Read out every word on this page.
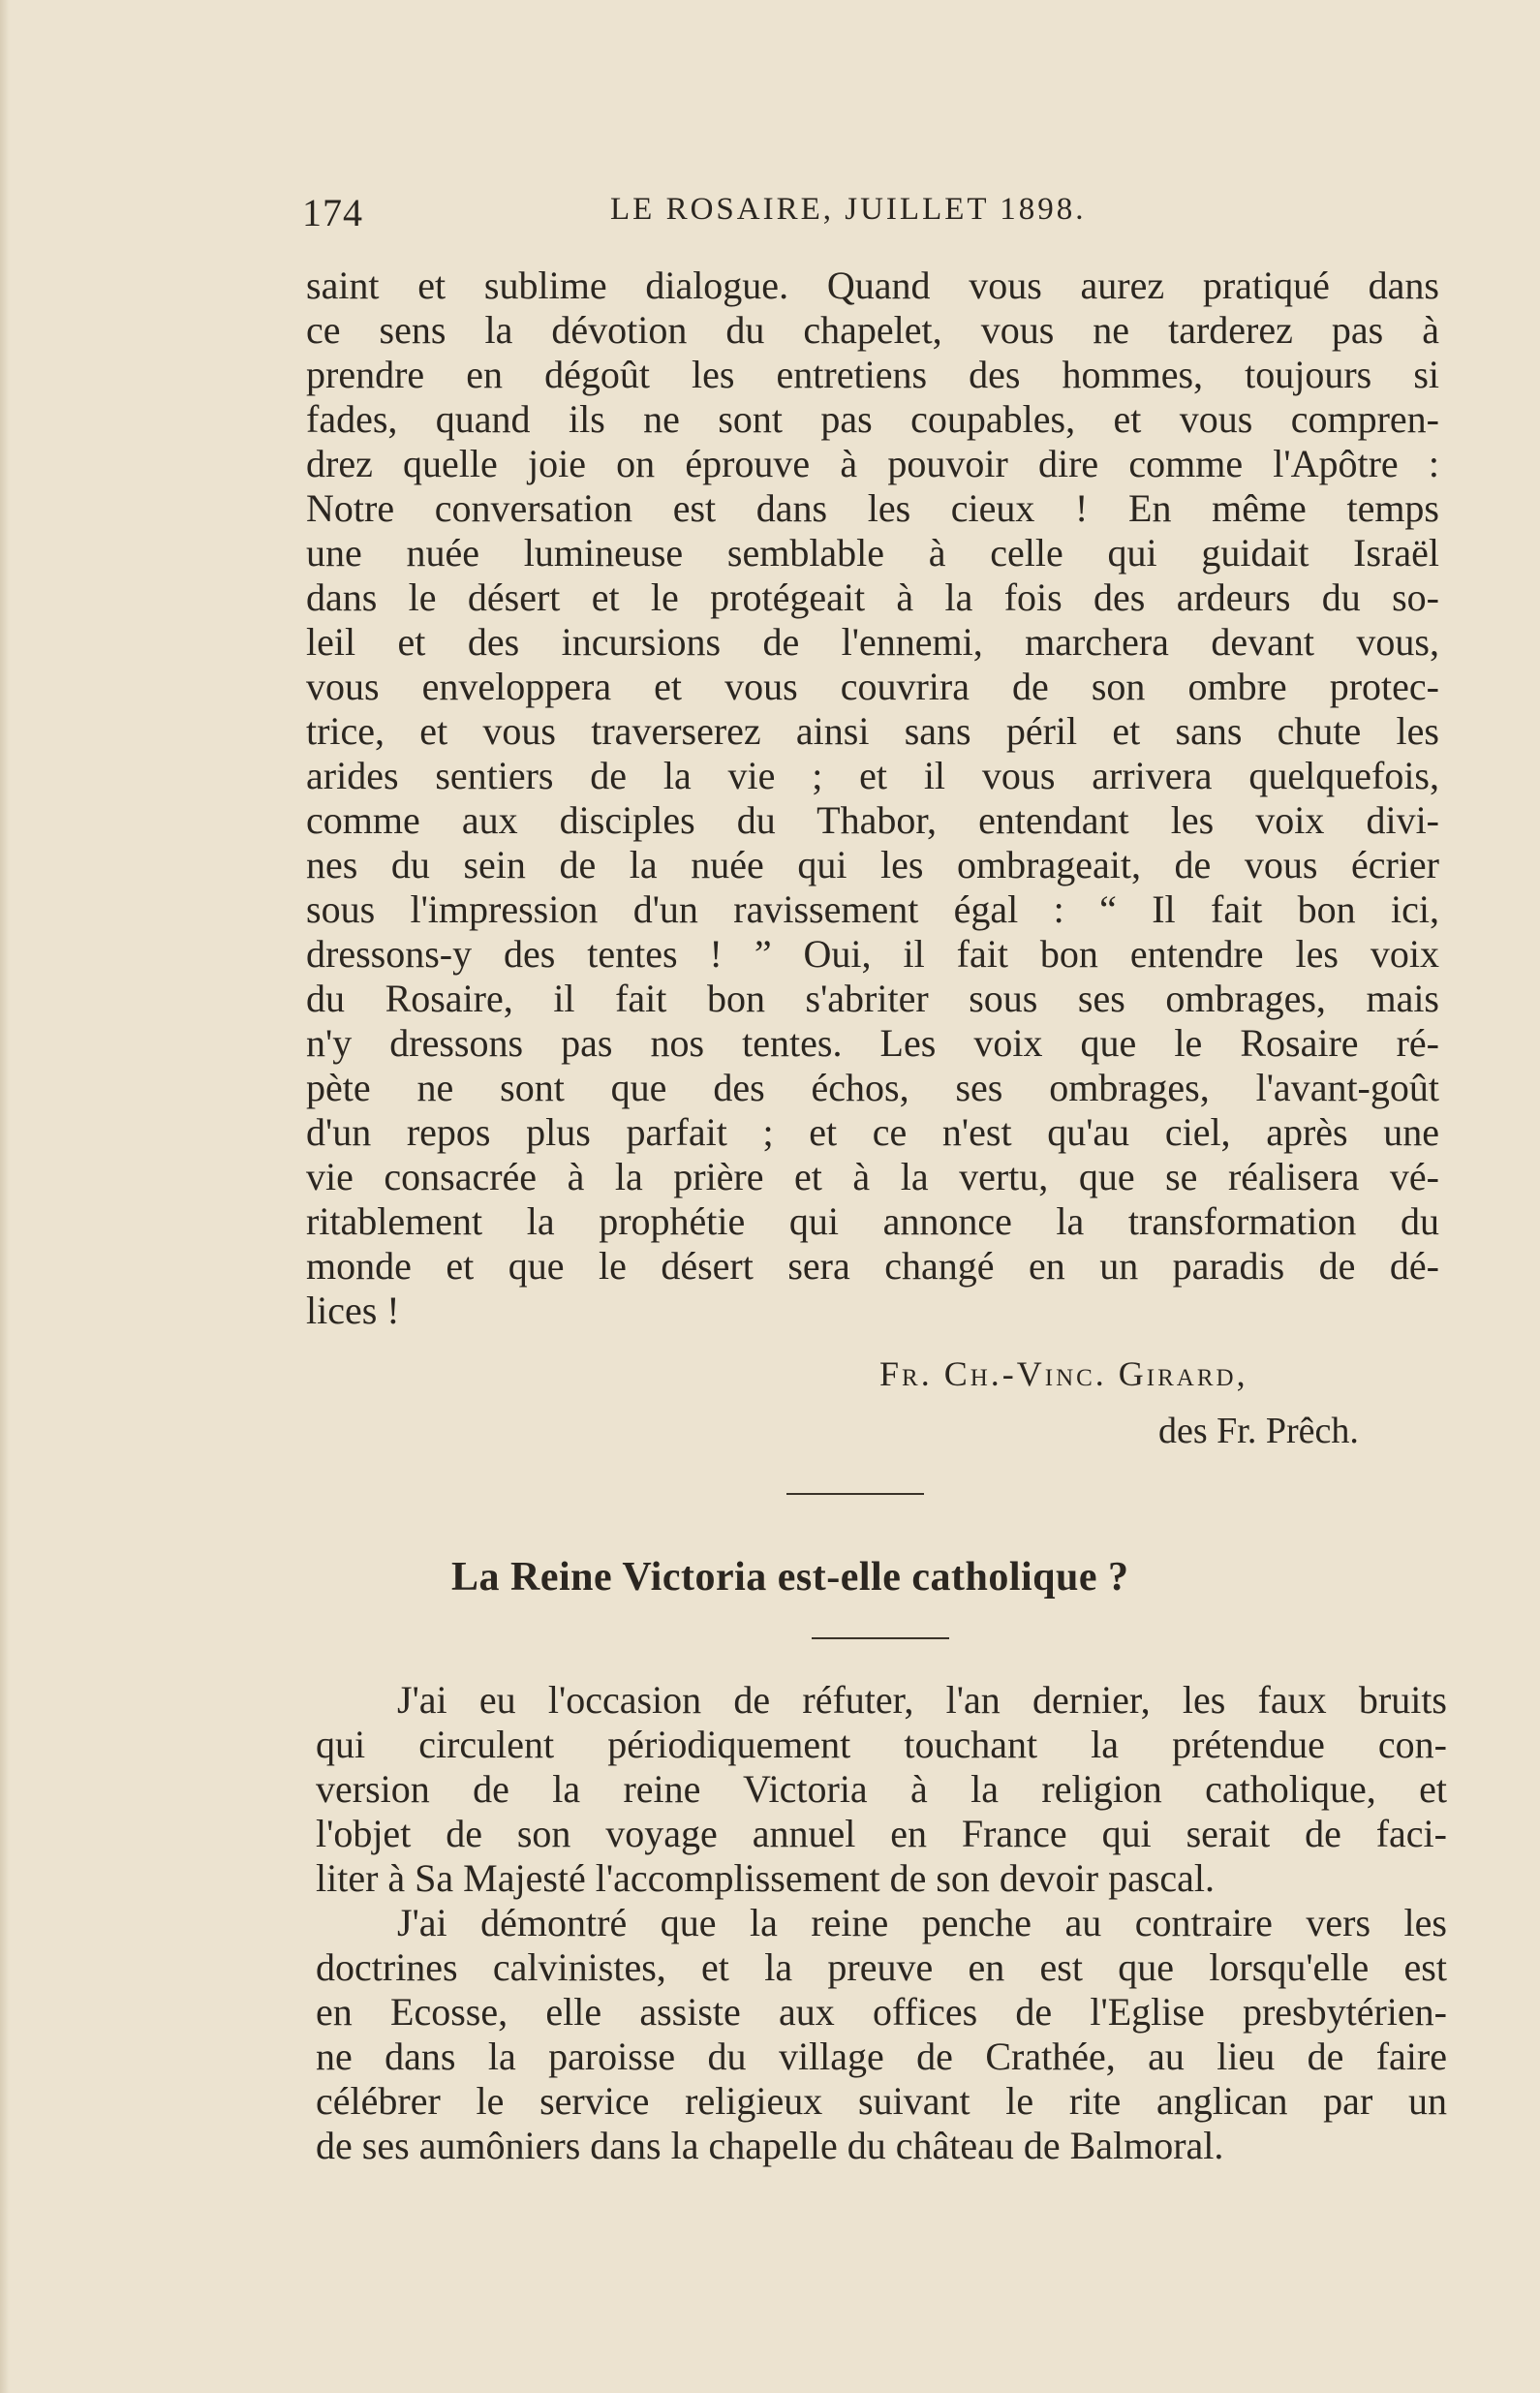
174	LE ROSAIRE, JUILLET 1898.
saint et sublime dialogue. Quand vous aurez pratiqué dans
ce sens la dévotion du chapelet, vous ne tarderez pas à
prendre en dégoût les entretiens des hommes, toujours si
fades, quand ils ne sont pas coupables, et vous compren-
drez quelle joie on éprouve à pouvoir dire comme l'Apôtre :
Notre conversation est dans les cieux ! En même temps
une nuée lumineuse semblable à celle qui guidait Israël
dans le désert et le protégeait à la fois des ardeurs du so-
leil et des incursions de l'ennemi, marchera devant vous,
vous enveloppera et vous couvrira de son ombre protec-
trice, et vous traverserez ainsi sans péril et sans chute les
arides sentiers de la vie ; et il vous arrivera quelquefois,
comme aux disciples du Thabor, entendant les voix divi-
nes du sein de la nuée qui les ombrageait, de vous écrier
sous l'impression d'un ravissement égal : “ Il fait bon ici,
dressons-y des tentes ! ” Oui, il fait bon entendre les voix
du Rosaire, il fait bon s'abriter sous ses ombrages, mais
n'y dressons pas nos tentes. Les voix que le Rosaire ré-
pète ne sont que des échos, ses ombrages, l'avant-goût
d'un repos plus parfait ; et ce n'est qu'au ciel, après une
vie consacrée à la prière et à la vertu, que se réalisera vé-
ritablement la prophétie qui annonce la transformation du
monde et que le désert sera changé en un paradis de dé-
lices !
Fr. Ch.-Vinc. Girard,
des Fr. Prêch.
La Reine Victoria est-elle catholique ?
J'ai eu l'occasion de réfuter, l'an dernier, les faux bruits
qui circulent périodiquement touchant la prétendue con-
version de la reine Victoria à la religion catholique, et
l'objet de son voyage annuel en France qui serait de faci-
liter à Sa Majesté l'accomplissement de son devoir pascal.
J'ai démontré que la reine penche au contraire vers les
doctrines calvinistes, et la preuve en est que lorsqu'elle est
en Ecosse, elle assiste aux offices de l'Eglise presbytérien-
ne dans la paroisse du village de Crathée, au lieu de faire
célébrer le service religieux suivant le rite anglican par un
de ses aumôniers dans la chapelle du château de Balmoral.
